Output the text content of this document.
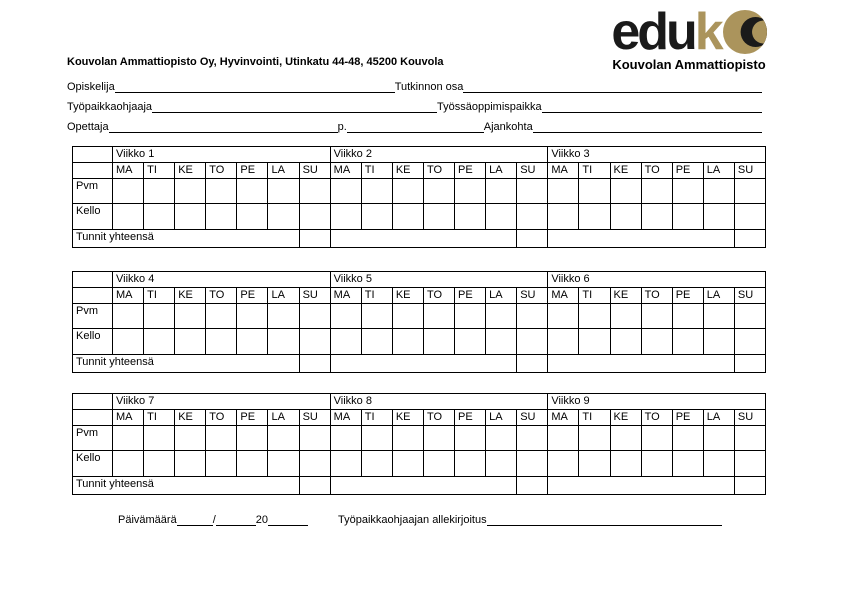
edu k
Kouvolan Ammattiopisto
Kouvolan Ammattiopisto Oy, Hyvinvointi, Utinkatu 44-48, 45200 Kouvola
Opiskelija	Tutkinnon osa
Työpaikkaohjaaja	Työssäoppimispaikka
Opettaja	p.	Ajankohta
	Viikko 1							Viikko 2							Viikko 3						
	MA	TI	KE	TO	PE	LA	SU	MA	TI	KE	TO	PE	LA	SU	MA	TI	KE	TO	PE	LA	SU
Pvm																					
Kello																					
Tunnit yhteensä																					
	Viikko 4							Viikko 5							Viikko 6						
	MA	TI	KE	TO	PE	LA	SU	MA	TI	KE	TO	PE	LA	SU	MA	TI	KE	TO	PE	LA	SU
Pvm																					
Kello																					
Tunnit yhteensä																					
	Viikko 7							Viikko 8							Viikko 9						
	MA	TI	KE	TO	PE	LA	SU	MA	TI	KE	TO	PE	LA	SU	MA	TI	KE	TO	PE	LA	SU
Pvm																					
Kello																					
Tunnit yhteensä																					
Päivämäärä	/	20	Työpaikkaohjaajan allekirjoitus
